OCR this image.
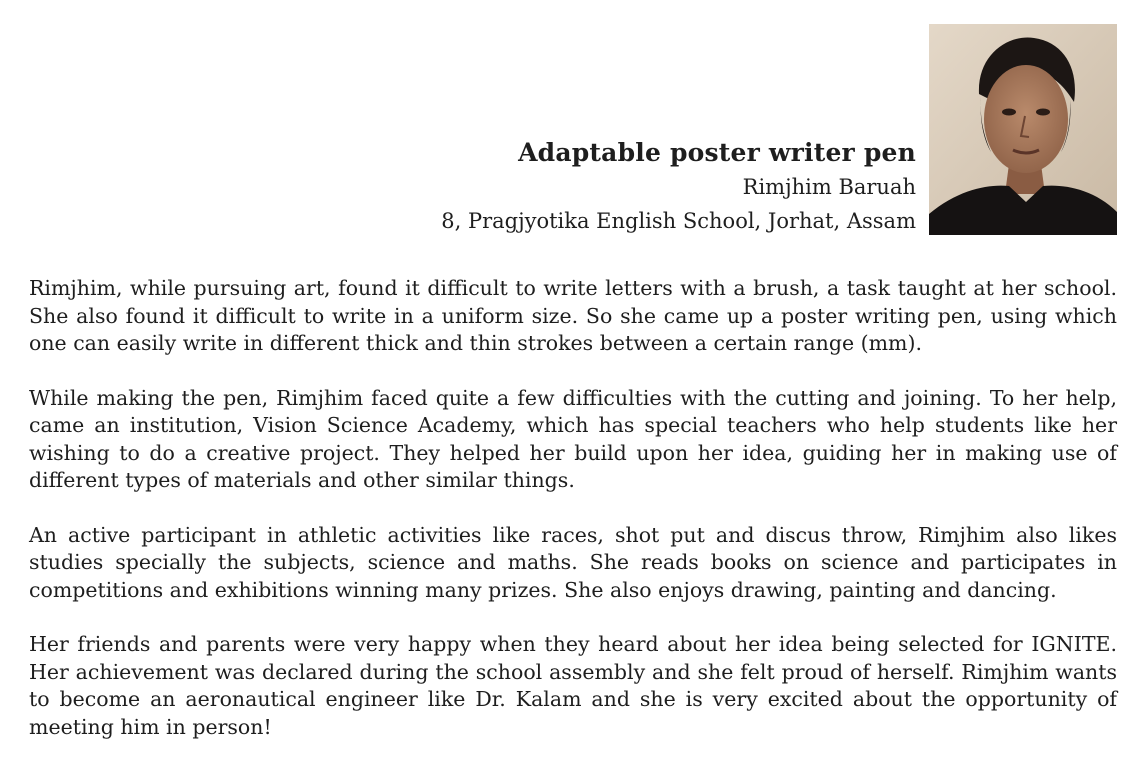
Adaptable poster writer pen
Rimjhim Baruah
8, Pragjyotika English School, Jorhat, Assam

Rimjhim, while pursuing art, found it difficult to write letters with a brush, a task taught at her school. She also found it difficult to write in a uniform size. So she came up a poster writing pen, using which one can easily write in different thick and thin strokes between a certain range (mm).

While making the pen, Rimjhim faced quite a few difficulties with the cutting and joining. To her help, came an institution, Vision Science Academy, which has special teachers who help students like her wishing to do a creative project. They helped her build upon her idea, guiding her in making use of different types of materials and other similar things.

An active participant in athletic activities like races, shot put and discus throw, Rimjhim also likes studies specially the subjects, science and maths. She reads books on science and participates in competitions and exhibitions winning many prizes. She also enjoys drawing, painting and dancing.

Her friends and parents were very happy when they heard about her idea being selected for IGNITE. Her achievement was declared during the school assembly and she felt proud of herself. Rimjhim wants to become an aeronautical engineer like Dr. Kalam and she is very excited about the opportunity of meeting him in person!
